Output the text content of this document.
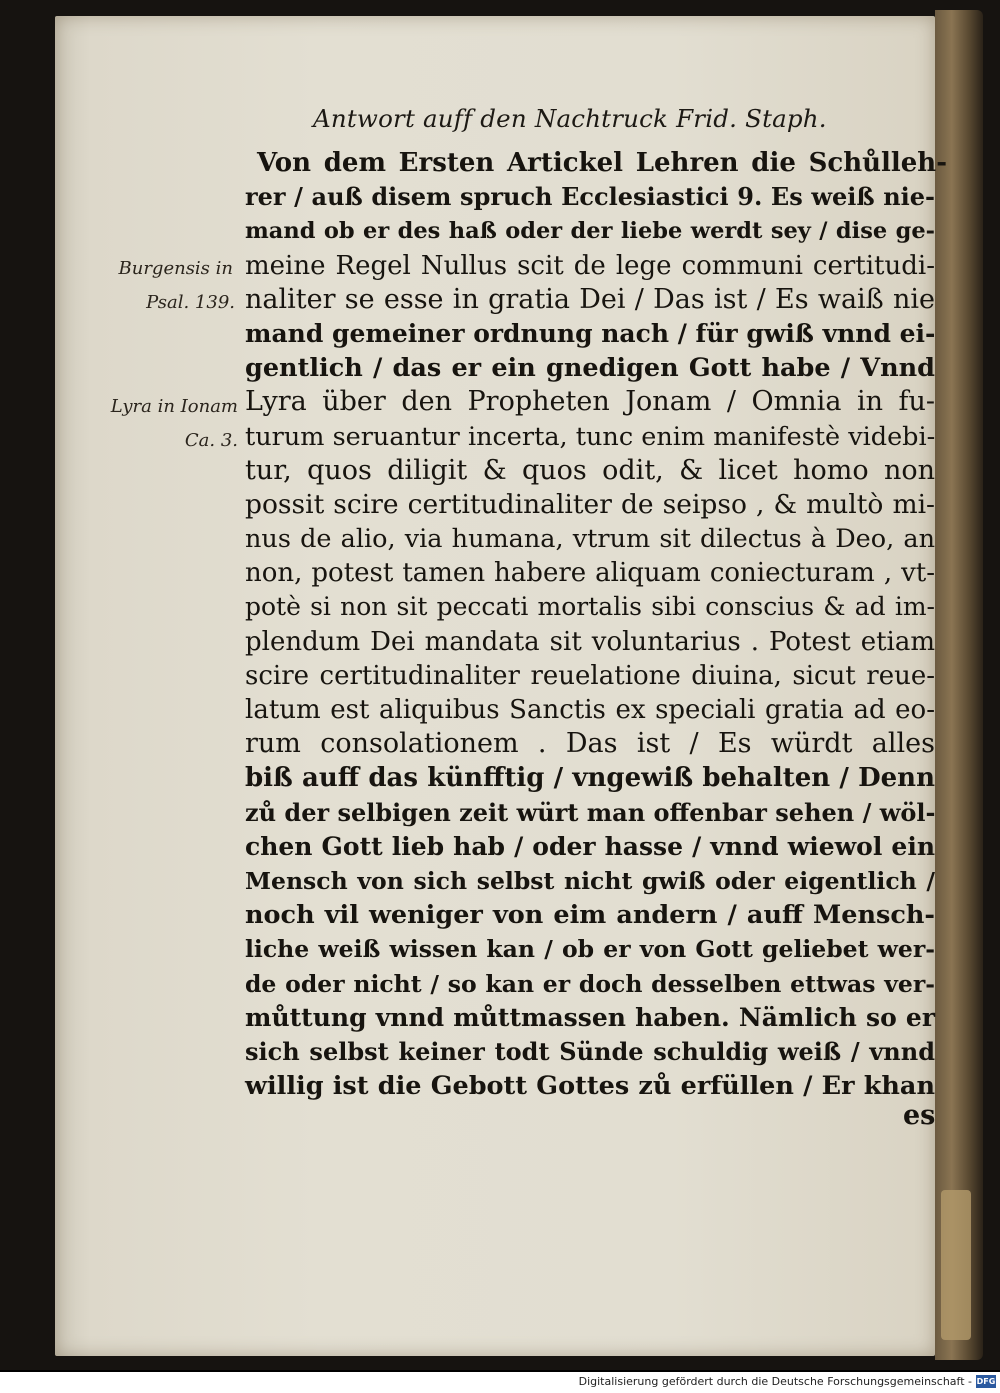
Antwort auff den Nachtruck Frid. Staph.
Burgensis in
Psal. 139.
Lyra in Ionam
Ca. 3.
Von dem Ersten Artickel Lehren die Schůlleh-
rer / auß disem spruch Ecclesiastici 9. Es weiß nie-
mand ob er des haß oder der liebe werdt sey / dise ge-
meine Regel Nullus scit de lege communi certitudi-
naliter se esse in gratia Dei / Das ist / Es waiß nie
mand gemeiner ordnung nach / für gwiß vnnd ei-
gentlich / das er ein gnedigen Gott habe / Vnnd
Lyra über den Propheten Jonam / Omnia in fu-
turum seruantur incerta, tunc enim manifestè videbi-
tur, quos diligit & quos odit, & licet homo non
possit scire certitudinaliter de seipso , & multò mi-
nus de alio, via humana, vtrum sit dilectus à Deo, an
non, potest tamen habere aliquam coniecturam , vt-
potè si non sit peccati mortalis sibi conscius & ad im-
plendum Dei mandata sit voluntarius . Potest etiam
scire certitudinaliter reuelatione diuina, sicut reue-
latum est aliquibus Sanctis ex speciali gratia ad eo-
rum consolationem . Das ist / Es würdt alles
biß auff das künfftig / vngewiß behalten / Denn
zů der selbigen zeit würt man offenbar sehen / wöl-
chen Gott lieb hab / oder hasse / vnnd wiewol ein
Mensch von sich selbst nicht gwiß oder eigentlich /
noch vil weniger von eim andern / auff Mensch-
liche weiß wissen kan / ob er von Gott geliebet wer-
de oder nicht / so kan er doch desselben ettwas ver-
můttung vnnd můttmassen haben. Nämlich so er
sich selbst keiner todt Sünde schuldig weiß / vnnd
willig ist die Gebott Gottes zů erfüllen / Er khan
es
Digitalisierung gefördert durch die Deutsche Forschungsgemeinschaft - DFG
